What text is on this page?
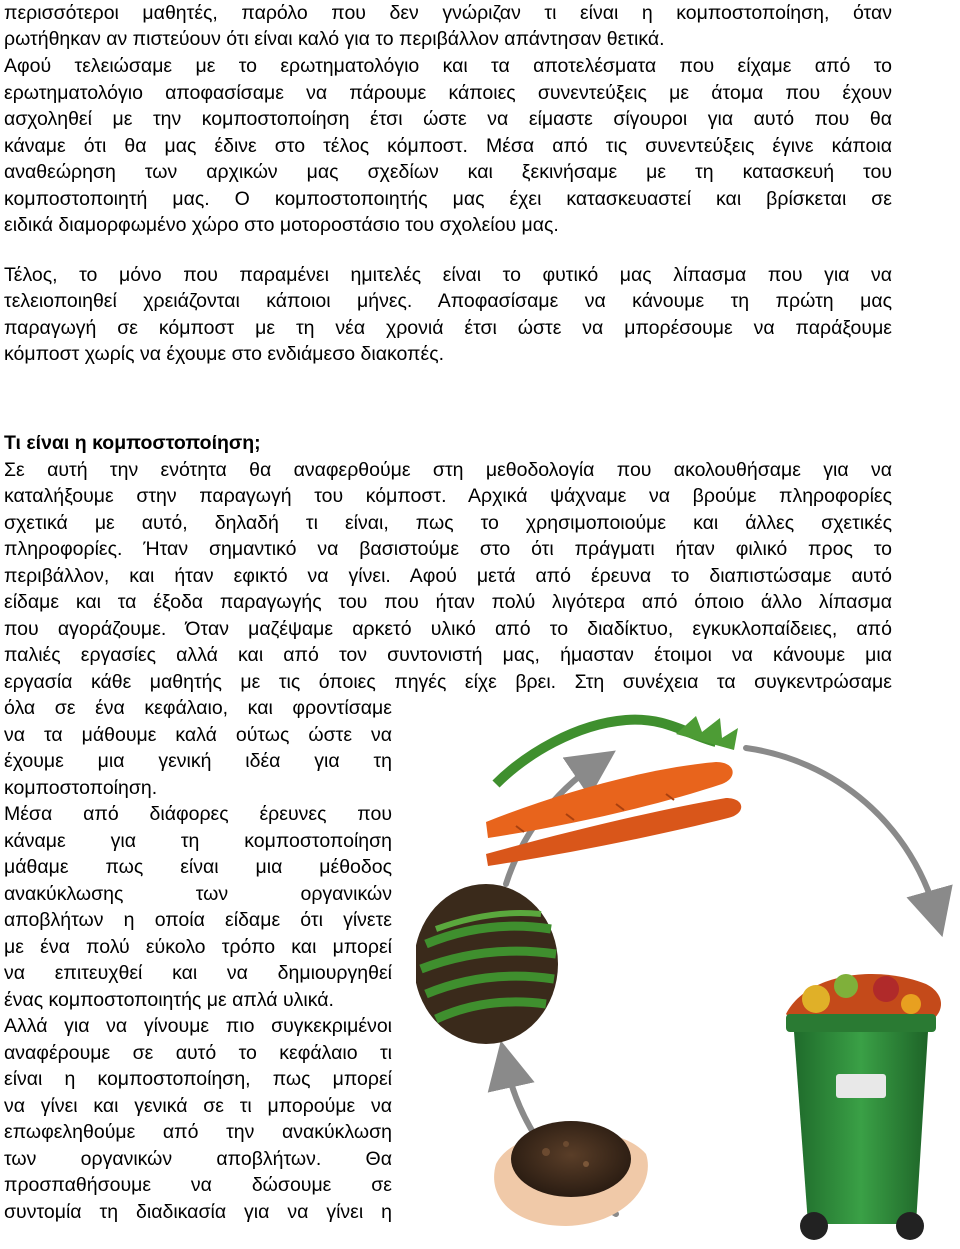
περισσότεροι μαθητές, παρόλο που δεν γνώριζαν τι είναι η κομποστοποίηση, όταν
ρωτήθηκαν αν πιστεύουν ότι είναι καλό για το περιβάλλον απάντησαν θετικά.
Αφού τελειώσαμε με το ερωτηματολόγιο και τα αποτελέσματα που είχαμε από το
ερωτηματολόγιο αποφασίσαμε να πάρουμε κάποιες συνεντεύξεις με άτομα που έχουν
ασχοληθεί με την κομποστοποίηση έτσι ώστε να είμαστε σίγουροι για αυτό που θα
κάναμε ότι θα μας έδινε στο τέλος κόμποστ. Μέσα από τις συνεντεύξεις έγινε κάποια
αναθεώρηση των αρχικών μας σχεδίων και ξεκινήσαμε με τη κατασκευή του
κομποστοποιητή μας. Ο κομποστοποιητής μας έχει κατασκευαστεί και βρίσκεται σε
ειδικά διαμορφωμένο χώρο στο μοτοροστάσιο του σχολείου μας.
Τέλος, το μόνο που παραμένει ημιτελές είναι το φυτικό μας λίπασμα που για να
τελειοποιηθεί χρειάζονται κάποιοι μήνες. Αποφασίσαμε να κάνουμε τη πρώτη μας
παραγωγή σε κόμποστ με τη νέα χρονιά έτσι ώστε να μπορέσουμε να παράξουμε
κόμποστ χωρίς να έχουμε στο ενδιάμεσο διακοπές.
Τι είναι η κομποστοποίηση;
Σε αυτή την ενότητα θα αναφερθούμε στη μεθοδολογία που ακολουθήσαμε για να
καταλήξουμε στην παραγωγή του κόμποστ. Αρχικά ψάχναμε να βρούμε πληροφορίες
σχετικά με αυτό, δηλαδή τι είναι, πως το χρησιμοποιούμε και άλλες σχετικές
πληροφορίες. Ήταν σημαντικό να βασιστούμε στο ότι πράγματι ήταν φιλικό προς το
περιβάλλον, και ήταν εφικτό να γίνει. Αφού μετά από έρευνα το διαπιστώσαμε αυτό
είδαμε και τα έξοδα παραγωγής του που ήταν πολύ λιγότερα από όποιο άλλο λίπασμα
που αγοράζουμε. Όταν μαζέψαμε αρκετό υλικό από το διαδίκτυο, εγκυκλοπαίδειες, από
παλιές εργασίες αλλά και από τον συντονιστή μας, ήμασταν έτοιμοι να κάνουμε μια
εργασία κάθε μαθητής με τις όποιες πηγές είχε βρει. Στη συνέχεια τα συγκεντρώσαμε
όλα σε ένα κεφάλαιο, και φροντίσαμε
να τα μάθουμε καλά ούτως ώστε να
έχουμε μια γενική ιδέα για τη
κομποστοποίηση.
Μέσα από διάφορες έρευνες που
κάναμε για τη κομποστοποίηση
μάθαμε πως είναι μια μέθοδος
ανακύκλωσης των οργανικών
αποβλήτων η οποία είδαμε ότι γίνετε
με ένα πολύ εύκολο τρόπο και μπορεί
να επιτευχθεί και να δημιουργηθεί
ένας κομποστοποιητής με απλά υλικά.
Αλλά για να γίνουμε πιο συγκεκριμένοι
αναφέρουμε σε αυτό το κεφάλαιο τι
είναι η κομποστοποίηση, πως μπορεί
να γίνει και γενικά σε τι μπορούμε να
επωφεληθούμε από την ανακύκλωση
των οργανικών αποβλήτων. Θα
προσπαθήσουμε να δώσουμε σε
συντομία τη διαδικασία για να γίνει η
